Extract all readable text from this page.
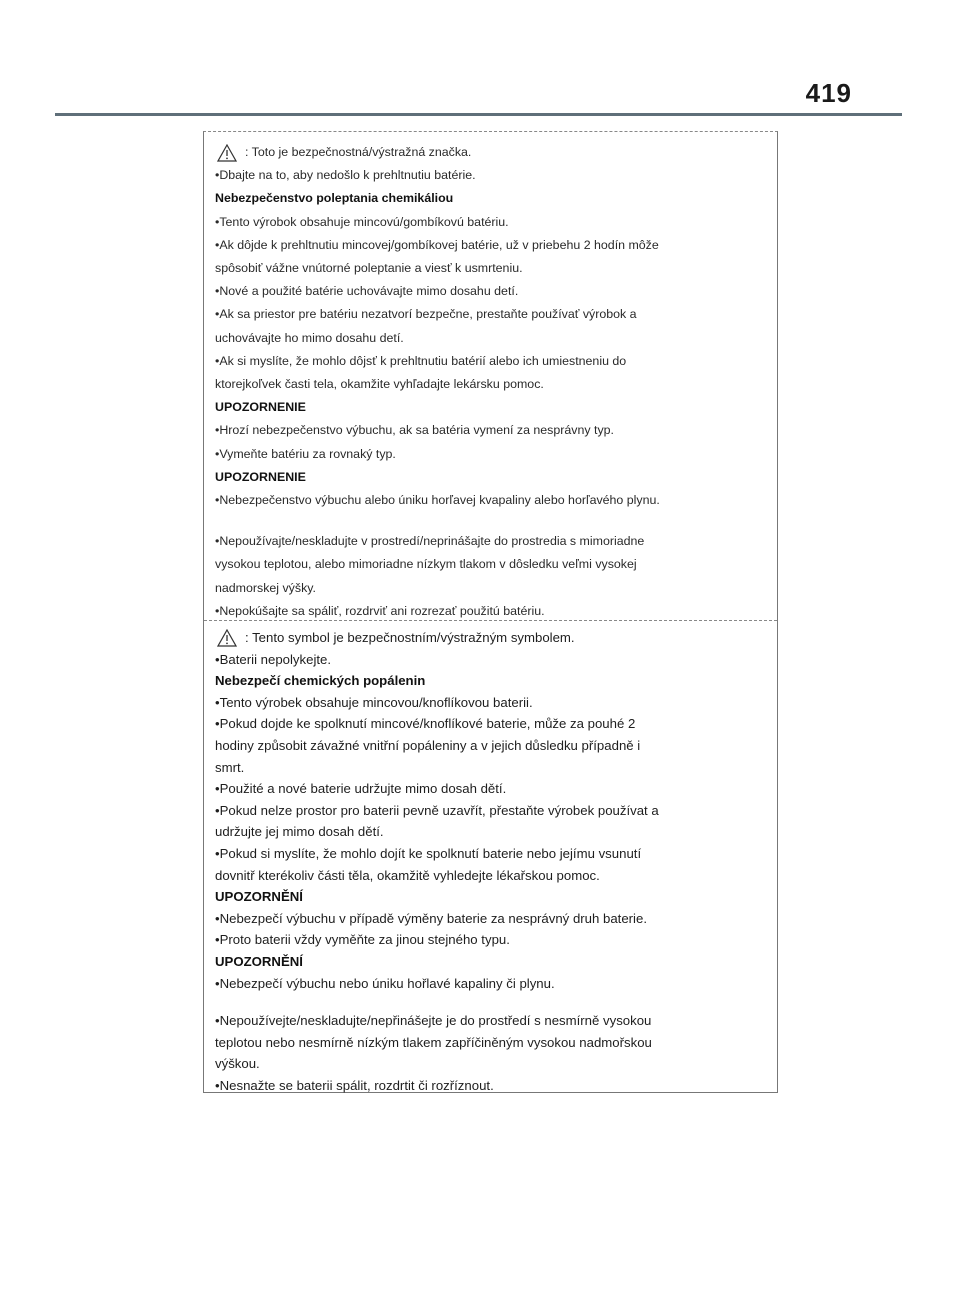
419
: Toto je bezpečnostná/výstražná značka.
•Dbajte na to, aby nedošlo k prehltnutiu batérie.
Nebezpečenstvo poleptania chemikáliou
•Tento výrobok obsahuje mincovú/gombíkovú batériu.
•Ak dôjde k prehltnutiu mincovej/gombíkovej batérie, už v priebehu 2 hodín môže
spôsobiť vážne vnútorné poleptanie a viesť k usmrteniu.
•Nové a použité batérie uchovávajte mimo dosahu detí.
•Ak sa priestor pre batériu nezatvorí bezpečne, prestaňte používať výrobok a
uchovávajte ho mimo dosahu detí.
•Ak si myslíte, že mohlo dôjsť k prehltnutiu batérií alebo ich umiestneniu do
ktorejkoľvek časti tela, okamžite vyhľadajte lekársku pomoc.
UPOZORNENIE
•Hrozí nebezpečenstvo výbuchu, ak sa batéria vymení za nesprávny typ.
•Vymeňte batériu za rovnaký typ.
UPOZORNENIE
•Nebezpečenstvo výbuchu alebo úniku horľavej kvapaliny alebo horľavého plynu.
•Nepoužívajte/neskladujte v prostredí/neprinášajte do prostredia s mimoriadne
vysokou teplotou, alebo mimoriadne nízkym tlakom v dôsledku veľmi vysokej
nadmorskej výšky.
•Nepokúšajte sa spáliť, rozdrviť ani rozrezať použitú batériu.
: Tento symbol je bezpečnostním/výstražným symbolem.
•Baterii nepolykejte.
Nebezpečí chemických popálenin
•Tento výrobek obsahuje mincovou/knoflíkovou baterii.
•Pokud dojde ke spolknutí mincové/knoflíkové baterie, může za pouhé 2
hodiny způsobit závažné vnitřní popáleniny a v jejich důsledku případně i
smrt.
•Použité a nové baterie udržujte mimo dosah dětí.
•Pokud nelze prostor pro baterii pevně uzavřít, přestaňte výrobek používat a
udržujte jej mimo dosah dětí.
•Pokud si myslíte, že mohlo dojít ke spolknutí baterie nebo jejímu vsunutí
dovnitř kterékoliv části těla, okamžitě vyhledejte lékařskou pomoc.
UPOZORNĚNÍ
•Nebezpečí výbuchu v případě výměny baterie za nesprávný druh baterie.
•Proto baterii vždy vyměňte za jinou stejného typu.
UPOZORNĚNÍ
•Nebezpečí výbuchu nebo úniku hořlavé kapaliny či plynu.
•Nepoužívejte/neskladujte/nepřinášejte je do prostředí s nesmírně vysokou
teplotou nebo nesmírně nízkým tlakem zapříčiněným vysokou nadmořskou
výškou.
•Nesnažte se baterii spálit, rozdrtit či rozříznout.
